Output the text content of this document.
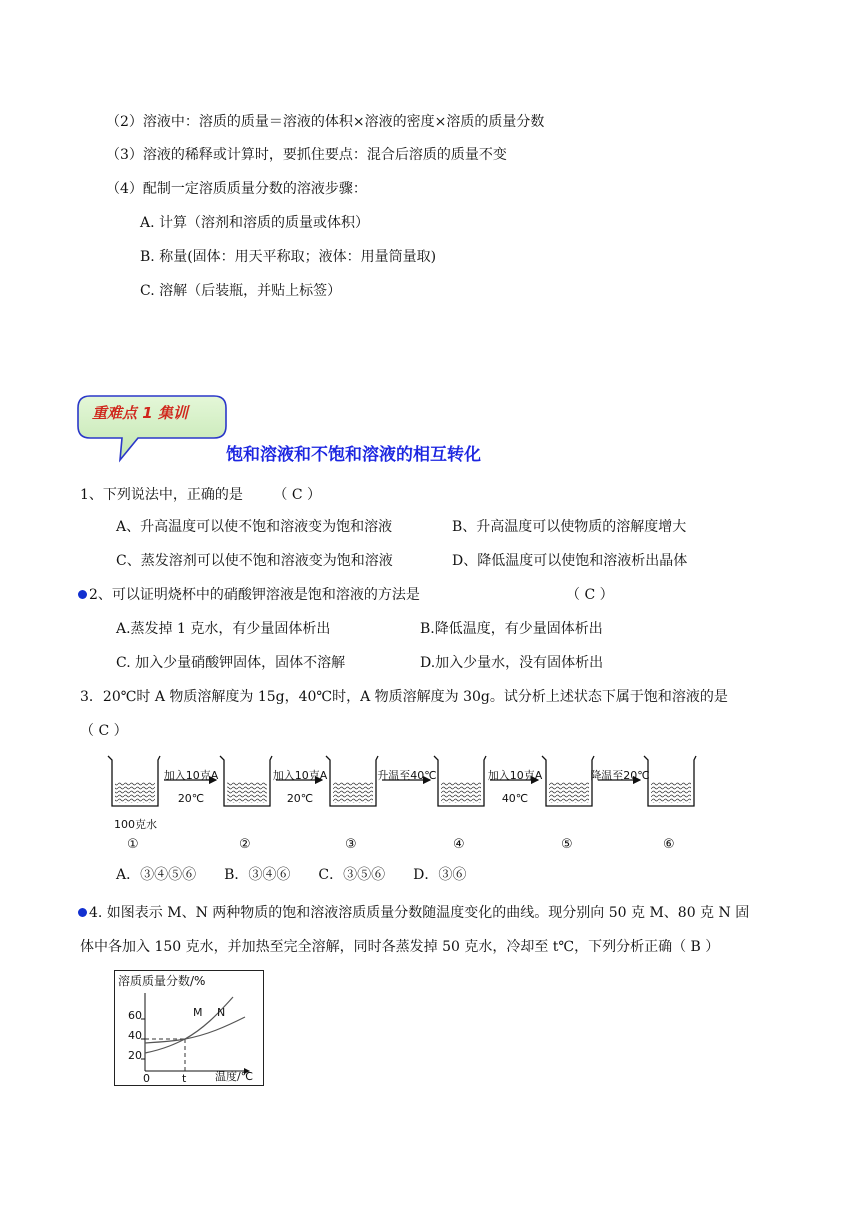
（2）溶液中：溶质的质量＝溶液的体积×溶液的密度×溶质的质量分数
（3）溶液的稀释或计算时，要抓住要点：混合后溶质的质量不变
（4）配制一定溶质质量分数的溶液步骤：
A. 计算（溶剂和溶质的质量或体积）
B. 称量(固体：用天平称取；液体：用量筒量取)
C. 溶解（后装瓶，并贴上标签）
重难点 1 集训
饱和溶液和不饱和溶液的相互转化
1、下列说法中，正确的是 （ C ）
A、升高温度可以使不饱和溶液变为饱和溶液	B、升高温度可以使物质的溶解度增大
C、蒸发溶剂可以使不饱和溶液变为饱和溶液	D、降低温度可以使饱和溶液析出晶体
2、可以证明烧杯中的硝酸钾溶液是饱和溶液的方法是	（ C ）
A.蒸发掉 1 克水，有少量固体析出	B.降低温度，有少量固体析出
C. 加入少量硝酸钾固体，固体不溶解	D.加入少量水，没有固体析出
3．20℃时 A 物质溶解度为 15g，40℃时，A 物质溶解度为 30g。试分析上述状态下属于饱和溶液的是
（ C ）
加入10克A
20℃
加入10克A
20℃
升温至40℃	加入10克A
40℃
降温至20℃
100克水
①	②	③	④	⑤	⑥
A．③④⑤⑥　　B．③④⑥　　C．③⑤⑥　　D．③⑥
4. 如图表示 M、N 两种物质的饱和溶液溶质质量分数随温度变化的曲线。现分别向 50 克 M、80 克 N 固
体中各加入 150 克水，并加热至完全溶解，同时各蒸发掉 50 克水，冷却至 t℃，下列分析正确（ B ）
溶质质量分数/%
60
40
20
0	t	温度/℃
M N
